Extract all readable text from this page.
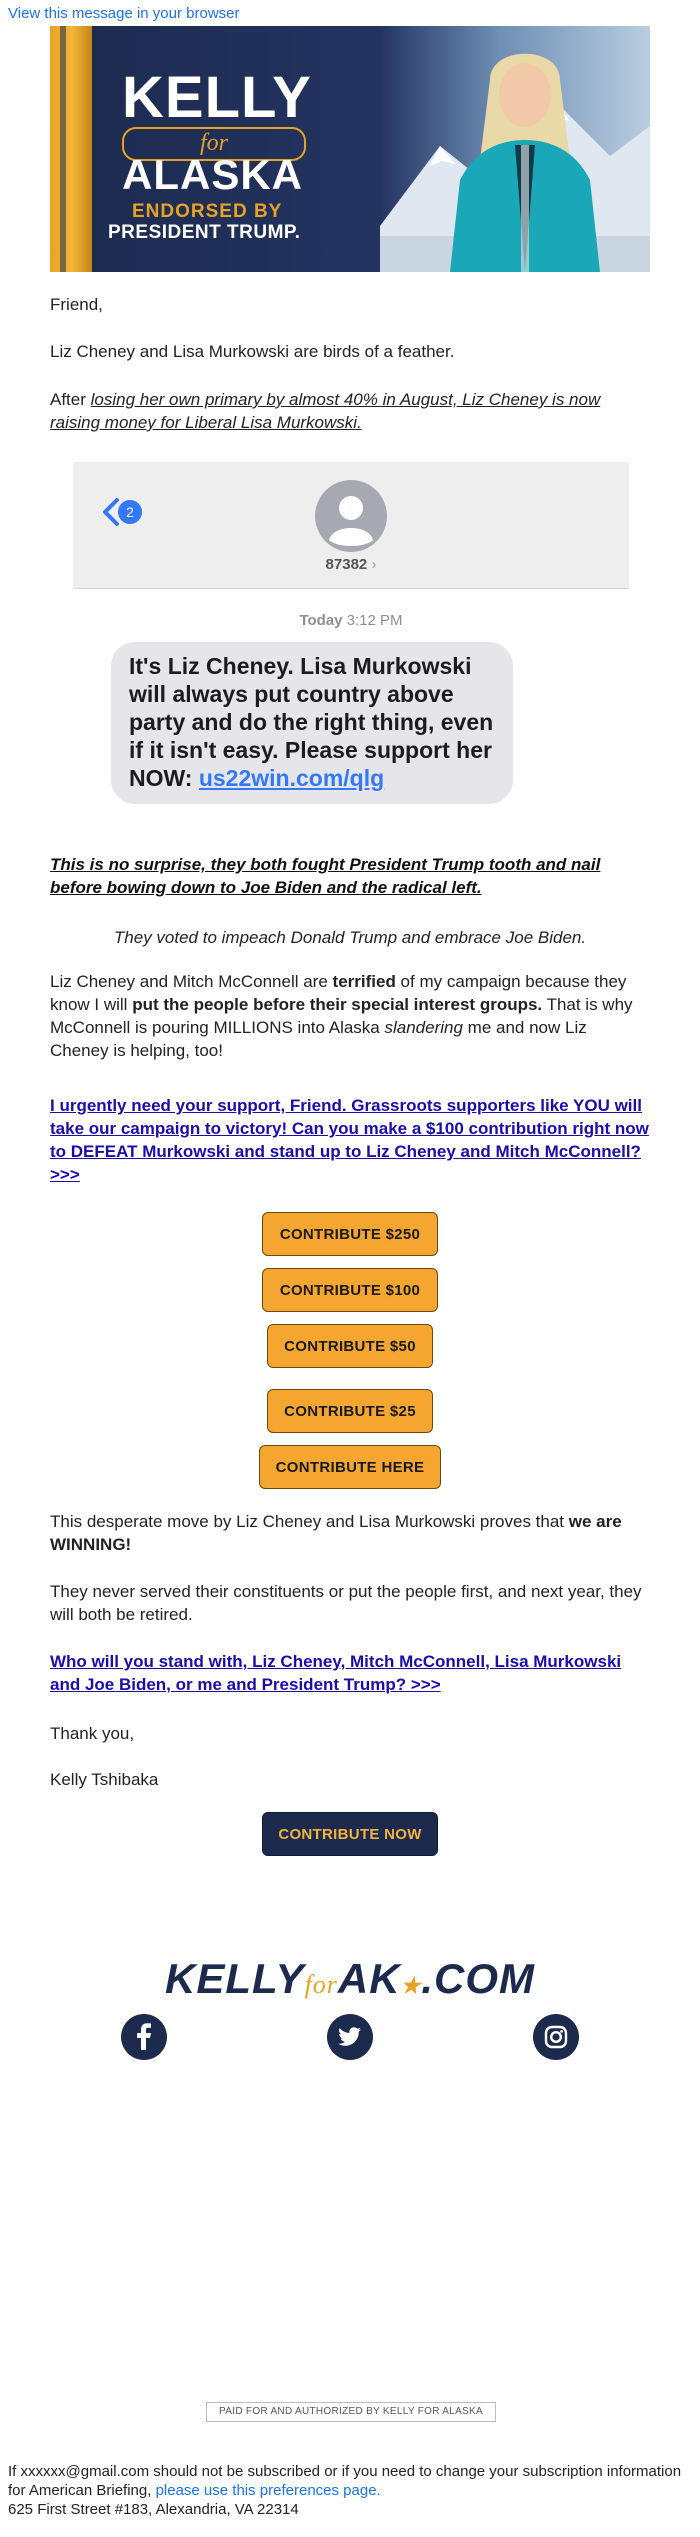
View this message in your browser
KELLY
for
ALASKA
ENDORSED BY
PRESIDENT TRUMP.
Friend,
Liz Cheney and Lisa Murkowski are birds of a feather.
After losing her own primary by almost 40% in August, Liz Cheney is now raising money for Liberal Lisa Murkowski.
2
87382 ›
Today 3:12 PM
It's Liz Cheney. Lisa Murkowski will always put country above party and do the right thing, even if it isn't easy. Please support her NOW: us22win.com/qlg
This is no surprise, they both fought President Trump tooth and nail before bowing down to Joe Biden and the radical left.
They voted to impeach Donald Trump and embrace Joe Biden.
Liz Cheney and Mitch McConnell are terrified of my campaign because they know I will put the people before their special interest groups. That is why McConnell is pouring MILLIONS into Alaska slandering me and now Liz Cheney is helping, too!
I urgently need your support, Friend. Grassroots supporters like YOU will take our campaign to victory! Can you make a $100 contribution right now to DEFEAT Murkowski and stand up to Liz Cheney and Mitch McConnell? >>>
CONTRIBUTE $250
CONTRIBUTE $100
CONTRIBUTE $50
CONTRIBUTE $25
CONTRIBUTE HERE
This desperate move by Liz Cheney and Lisa Murkowski proves that we are WINNING!
They never served their constituents or put the people first, and next year, they will both be retired.
Who will you stand with, Liz Cheney, Mitch McConnell, Lisa Murkowski and Joe Biden, or me and President Trump? >>>
Thank you,
Kelly Tshibaka
CONTRIBUTE NOW
KELLYforAK★.COM
PAID FOR AND AUTHORIZED BY KELLY FOR ALASKA
If xxxxxx@gmail.com should not be subscribed or if you need to change your subscription information for American Briefing, please use this preferences page.
625 First Street #183, Alexandria, VA 22314
